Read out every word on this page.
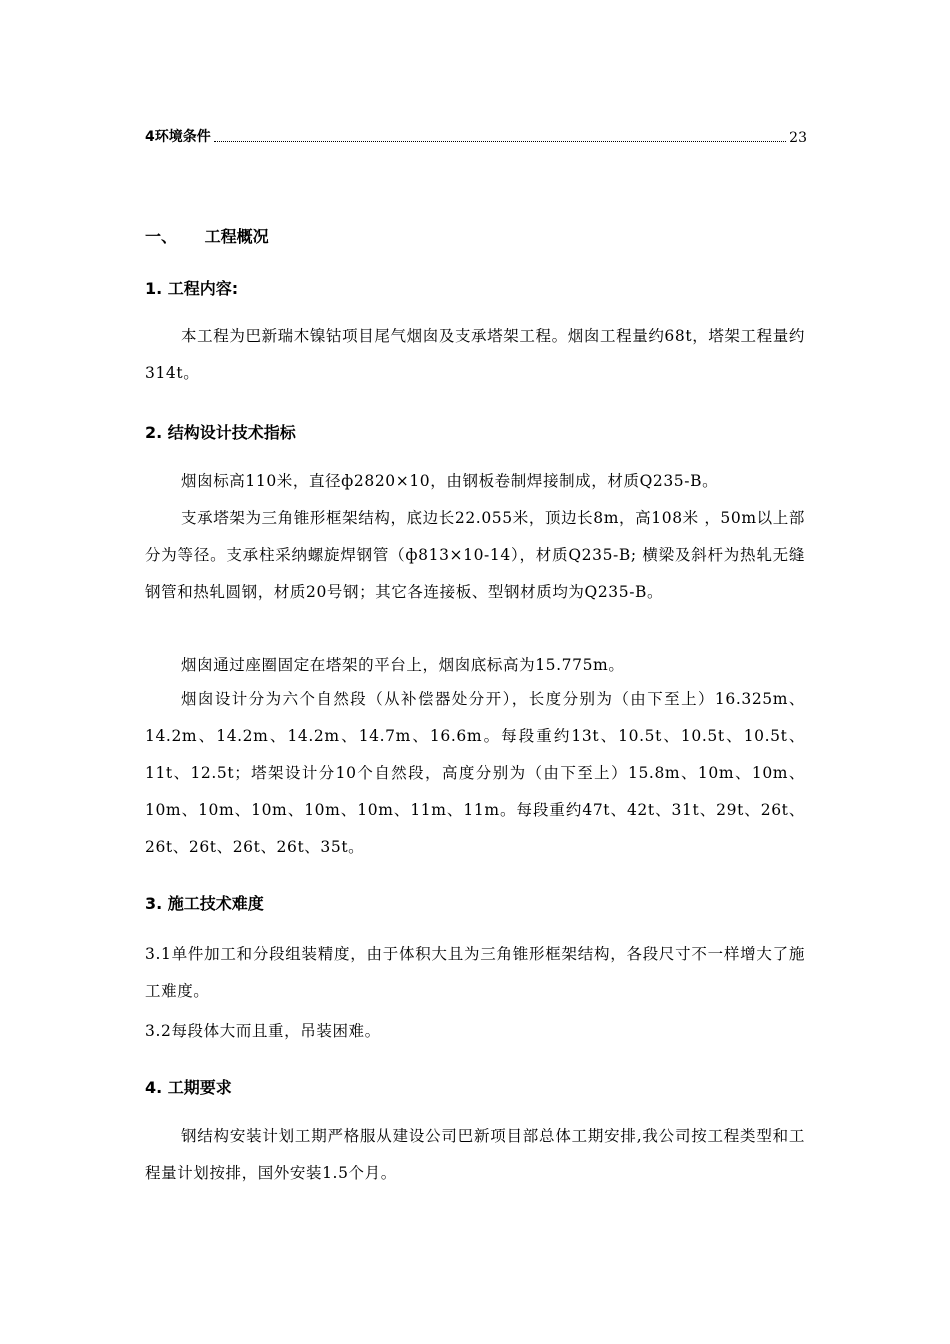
4环境条件	23
一、 工程概况
1. 工程内容:
本工程为巴新瑞木镍钴项目尾气烟囱及支承塔架工程。烟囱工程量约68t，塔架工程量约314t。
2. 结构设计技术指标
烟囱标高110米，直径ф2820×10，由钢板卷制焊接制成，材质Q235-B。
支承塔架为三角锥形框架结构，底边长22.055米，顶边长8m，高108米 ，50m以上部分为等径。支承柱采纳螺旋焊钢管（ф813×10-14），材质Q235-B; 横梁及斜杆为热轧无缝钢管和热轧圆钢，材质20号钢；其它各连接板、型钢材质均为Q235-B。
烟囱通过座圈固定在塔架的平台上，烟囱底标高为15.775m。
烟囱设计分为六个自然段（从补偿器处分开），长度分别为（由下至上）16.325m、14.2m、14.2m、14.2m、14.7m、16.6m。每段重约13t、10.5t、10.5t、10.5t、11t、12.5t；塔架设计分10个自然段，高度分别为（由下至上）15.8m、10m、10m、10m、10m、10m、10m、10m、11m、11m。每段重约47t、42t、31t、29t、26t、26t、26t、26t、26t、35t。
3. 施工技术难度
3.1单件加工和分段组装精度，由于体积大且为三角锥形框架结构，各段尺寸不一样增大了施工难度。
3.2每段体大而且重，吊装困难。
4. 工期要求
钢结构安装计划工期严格服从建设公司巴新项目部总体工期安排,我公司按工程类型和工程量计划按排，国外安装1.5个月。
